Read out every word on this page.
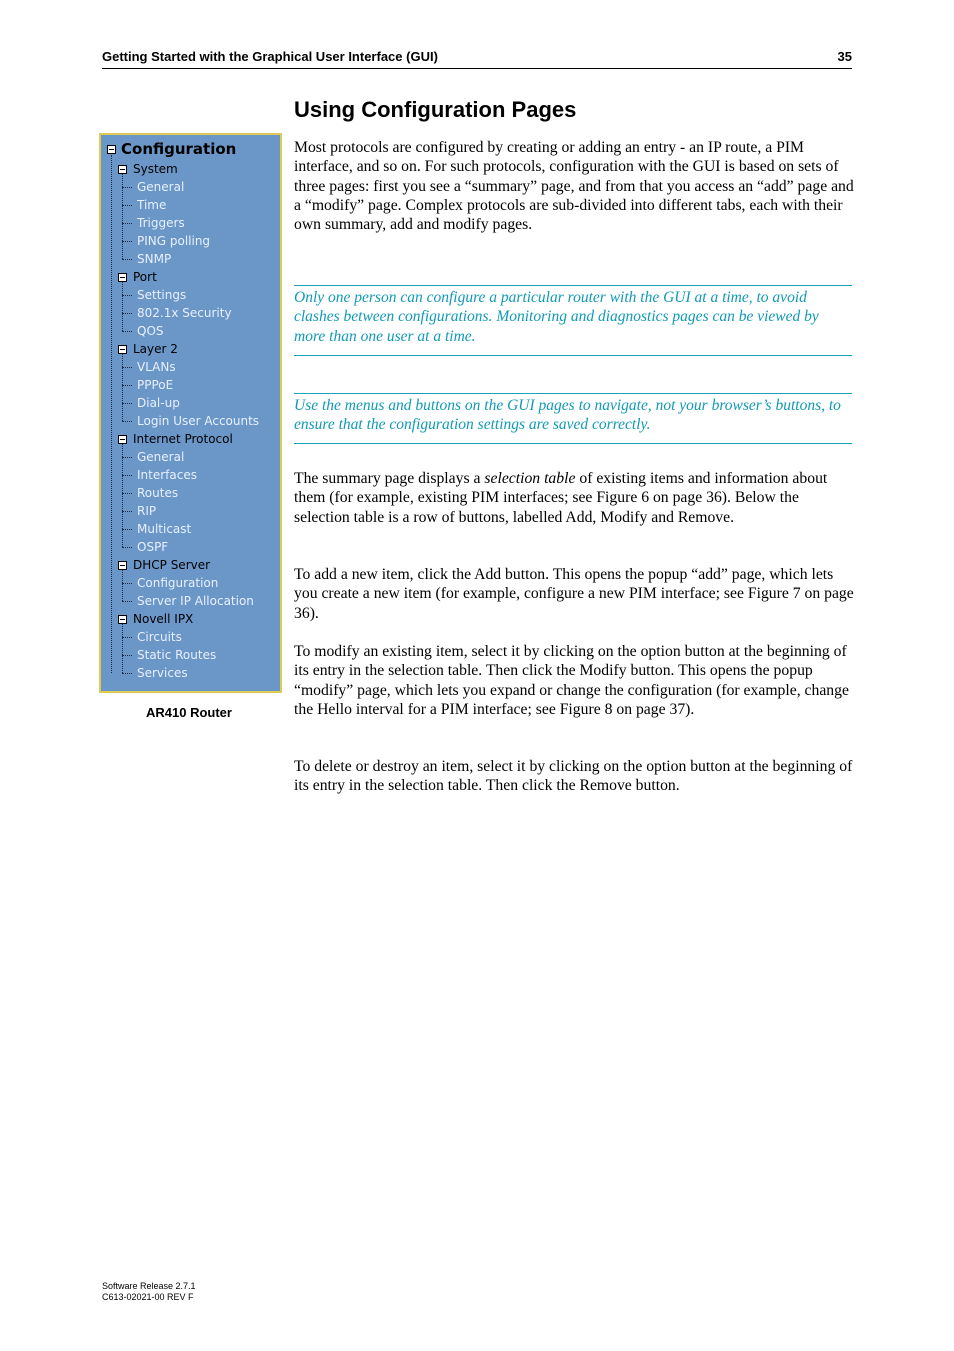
Getting Started with the Graphical User Interface (GUI)	35
Using Configuration Pages
Configuration
System
General
Time
Triggers
PING polling
SNMP
Port
Settings
802.1x Security
QOS
Layer 2
VLANs
PPPoE
Dial-up
Login User Accounts
Internet Protocol
General
Interfaces
Routes
RIP
Multicast
OSPF
DHCP Server
Configuration
Server IP Allocation
Novell IPX
Circuits
Static Routes
Services
AR410 Router

Most protocols are configured by creating or adding an entry - an IP route, a PIM interface, and so on. For such protocols, configuration with the GUI is based on sets of three pages: first you see a “summary” page, and from that you access an “add” page and a “modify” page. Complex protocols are sub-divided into different tabs, each with their own summary, add and modify pages.

Only one person can configure a particular router with the GUI at a time, to avoid clashes between configurations. Monitoring and diagnostics pages can be viewed by more than one user at a time.
Use the menus and buttons on the GUI pages to navigate, not your browser’s buttons, to ensure that the configuration settings are saved correctly.

The summary page displays a selection table of existing items and information about them (for example, existing PIM interfaces; see Figure 6 on page 36). Below the selection table is a row of buttons, labelled Add, Modify and Remove.

To add a new item, click the Add button. This opens the popup “add” page, which lets you create a new item (for example, configure a new PIM interface; see Figure 7 on page 36).

To modify an existing item, select it by clicking on the option button at the beginning of its entry in the selection table. Then click the Modify button. This opens the popup “modify” page, which lets you expand or change the configuration (for example, change the Hello interval for a PIM interface; see Figure 8 on page 37).

To delete or destroy an item, select it by clicking on the option button at the beginning of its entry in the selection table. Then click the Remove button.

Software Release 2.7.1
C613-02021-00 REV F
